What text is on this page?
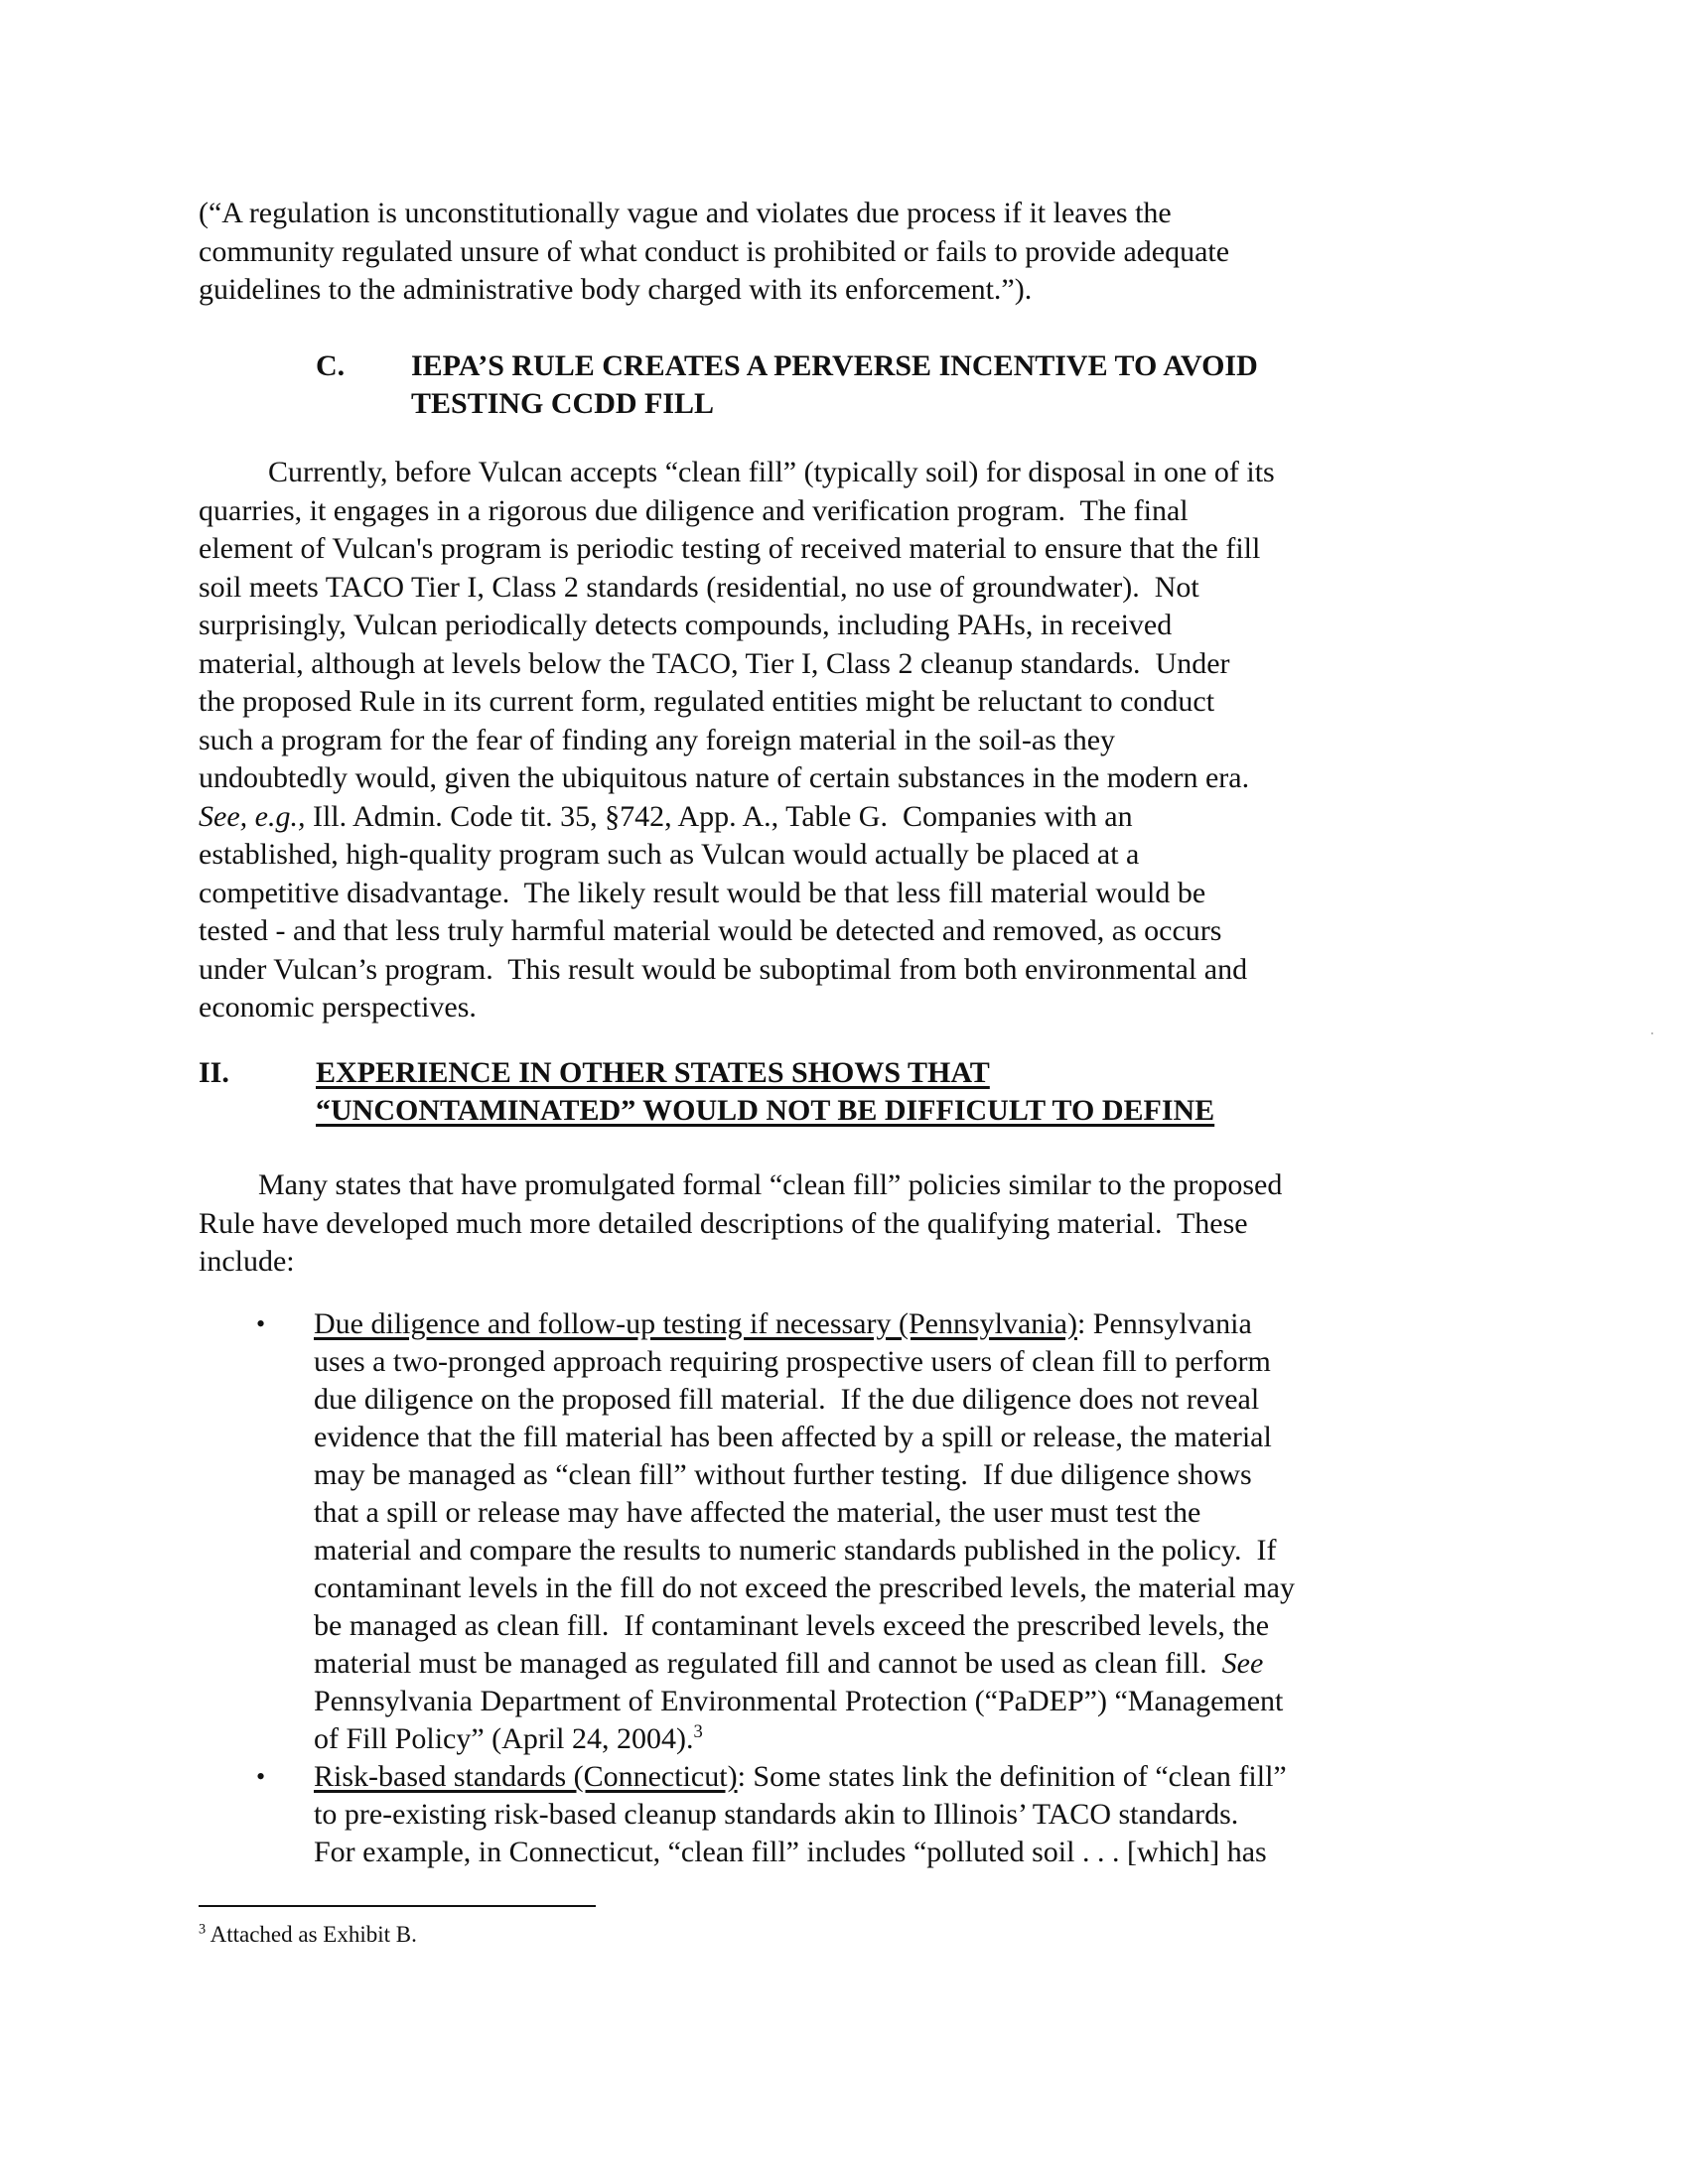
(“A regulation is unconstitutionally vague and violates due process if it leaves the
community regulated unsure of what conduct is prohibited or fails to provide adequate
guidelines to the administrative body charged with its enforcement.”).
C. IEPA’S RULE CREATES A PERVERSE INCENTIVE TO AVOID
TESTING CCDD FILL
Currently, before Vulcan accepts “clean fill” (typically soil) for disposal in one of its
quarries, it engages in a rigorous due diligence and verification program.  The final
element of Vulcan's program is periodic testing of received material to ensure that the fill
soil meets TACO Tier I, Class 2 standards (residential, no use of groundwater).  Not
surprisingly, Vulcan periodically detects compounds, including PAHs, in received
material, although at levels below the TACO, Tier I, Class 2 cleanup standards.  Under
the proposed Rule in its current form, regulated entities might be reluctant to conduct
such a program for the fear of finding any foreign material in the soil-as they
undoubtedly would, given the ubiquitous nature of certain substances in the modern era.
See, e.g., Ill. Admin. Code tit. 35, §742, App. A., Table G.  Companies with an
established, high-quality program such as Vulcan would actually be placed at a
competitive disadvantage.  The likely result would be that less fill material would be
tested - and that less truly harmful material would be detected and removed, as occurs
under Vulcan’s program.  This result would be suboptimal from both environmental and
economic perspectives.
II.	EXPERIENCE IN OTHER STATES SHOWS THAT
“UNCONTAMINATED” WOULD NOT BE DIFFICULT TO DEFINE
Many states that have promulgated formal “clean fill” policies similar to the proposed
Rule have developed much more detailed descriptions of the qualifying material.  These
include:
• Due diligence and follow-up testing if necessary (Pennsylvania): Pennsylvania
uses a two-pronged approach requiring prospective users of clean fill to perform
due diligence on the proposed fill material.  If the due diligence does not reveal
evidence that the fill material has been affected by a spill or release, the material
may be managed as “clean fill” without further testing.  If due diligence shows
that a spill or release may have affected the material, the user must test the
material and compare the results to numeric standards published in the policy.  If
contaminant levels in the fill do not exceed the prescribed levels, the material may
be managed as clean fill.  If contaminant levels exceed the prescribed levels, the
material must be managed as regulated fill and cannot be used as clean fill.  See
Pennsylvania Department of Environmental Protection (“PaDEP”) “Management
of Fill Policy” (April 24, 2004).$^3$
• Risk-based standards (Connecticut): Some states link the definition of “clean fill”
to pre-existing risk-based cleanup standards akin to Illinois’ TACO standards.
For example, in Connecticut, “clean fill” includes “polluted soil . . . [which] has
$^3$ Attached as Exhibit B.
